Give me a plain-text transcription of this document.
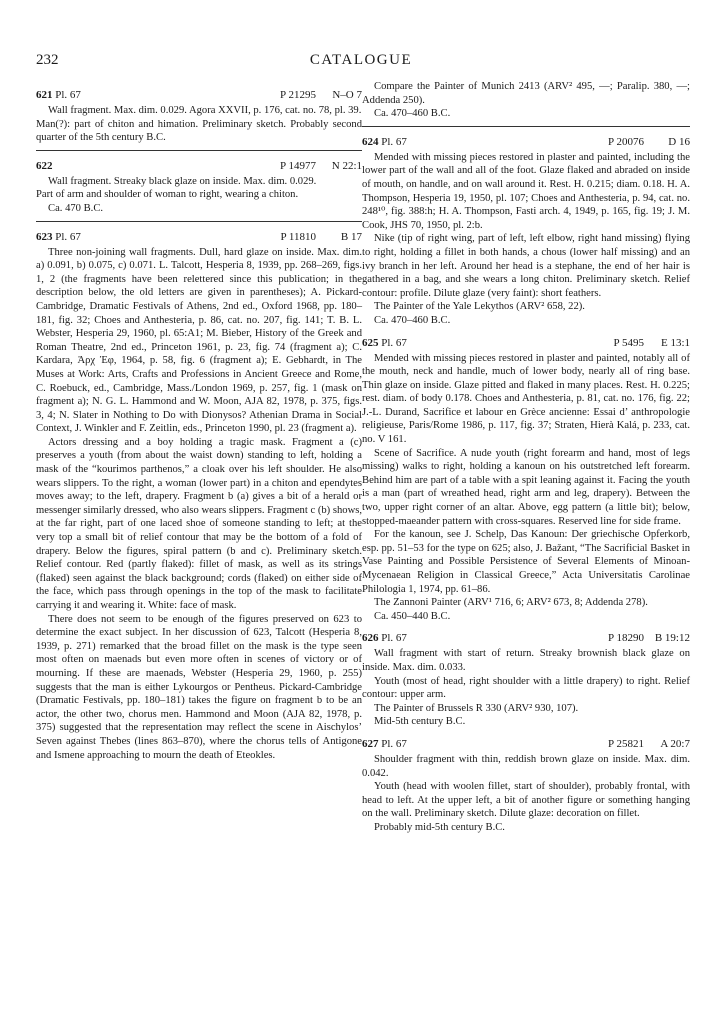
232	CATALOGUE
621 Pl. 67	P 21295 N–O 7

Wall fragment. Max. dim. 0.029. Agora XXVII, p. 176, cat. no. 78, pl. 39.

Man(?): part of chiton and himation. Preliminary sketch. Probably second quarter of the 5th century B.C.

622	P 14977 N 22:1

Wall fragment. Streaky black glaze on inside. Max. dim. 0.029.

Part of arm and shoulder of woman to right, wearing a chiton.

Ca. 470 B.C.

623 Pl. 67	P 11810 B 17

Three non-joining wall fragments. Dull, hard glaze on inside. Max. dim. a) 0.091, b) 0.075, c) 0.071. L. Talcott, Hesperia 8, 1939, pp. 268–269, figs. 1, 2 (the fragments have been relettered since this publication; in the description below, the old letters are given in parentheses); A. Pickard-Cambridge, Dramatic Festivals of Athens, 2nd ed., Oxford 1968, pp. 180–181, fig. 32; Choes and Anthesteria, p. 86, cat. no. 207, fig. 141; T. B. L. Webster, Hesperia 29, 1960, pl. 65:A1; M. Bieber, History of the Greek and Roman Theatre, 2nd ed., Princeton 1961, p. 23, fig. 74 (fragment a); C. Kardara, Ἀρχ Ἐφ, 1964, p. 58, fig. 6 (fragment a); E. Gebhardt, in The Muses at Work: Arts, Crafts and Professions in Ancient Greece and Rome, C. Roebuck, ed., Cambridge, Mass./London 1969, p. 257, fig. 1 (mask on fragment a); N. G. L. Hammond and W. Moon, AJA 82, 1978, p. 375, figs. 3, 4; N. Slater in Nothing to Do with Dionysos? Athenian Drama in Social Context, J. Winkler and F. Zeitlin, eds., Princeton 1990, pl. 23 (fragment a).

Actors dressing and a boy holding a tragic mask. Fragment a (c) preserves a youth (from about the waist down) standing to left, holding a mask of the “kourimos parthenos,” a cloak over his left shoulder. He also wears slippers. To the right, a woman (lower part) in a chiton and ependytes moves away; to the left, drapery. Fragment b (a) gives a bit of a herald or messenger similarly dressed, who also wears slippers. Fragment c (b) shows, at the far right, part of one laced shoe of someone standing to left; at the very top a small bit of relief contour that may be the bottom of a fold of drapery. Below the figures, spiral pattern (b and c). Preliminary sketch. Relief contour. Red (partly flaked): fillet of mask, as well as its strings (flaked) seen against the black background; cords (flaked) on either side of the face, which pass through openings in the top of the mask to facilitate carrying it and wearing it. White: face of mask.

There does not seem to be enough of the figures preserved on 623 to determine the exact subject. In her discussion of 623, Talcott (Hesperia 8, 1939, p. 271) remarked that the broad fillet on the mask is the type seen most often on maenads but even more often in scenes of victory or of mourning. If these are maenads, Webster (Hesperia 29, 1960, p. 255) suggests that the man is either Lykourgos or Pentheus. Pickard-Cambridge (Dramatic Festivals, pp. 180–181) takes the figure on fragment b to be an actor, the other two, chorus men. Hammond and Moon (AJA 82, 1978, p. 375) suggested that the representation may reflect the scene in Aischylos’ Seven against Thebes (lines 863–870), where the chorus tells of Antigone and Ismene approaching to mourn the death of Eteokles.

Compare the Painter of Munich 2413 (ARV² 495, —; Paralip. 380, —; Addenda 250).

Ca. 470–460 B.C.

624 Pl. 67	P 20076 D 16

Mended with missing pieces restored in plaster and painted, including the lower part of the wall and all of the foot. Glaze flaked and abraded on inside of mouth, on handle, and on wall around it. Rest. H. 0.215; diam. 0.18. H. A. Thompson, Hesperia 19, 1950, pl. 107; Choes and Anthesteria, p. 94, cat. no. 248¹⁰, fig. 388:h; H. A. Thompson, Fasti arch. 4, 1949, p. 165, fig. 19; J. M. Cook, JHS 70, 1950, pl. 2:b.

Nike (tip of right wing, part of left, left elbow, right hand missing) flying to right, holding a fillet in both hands, a chous (lower half missing) and an ivy branch in her left. Around her head is a stephane, the end of her hair is gathered in a bag, and she wears a long chiton. Preliminary sketch. Relief contour: profile. Dilute glaze (very faint): short feathers.

The Painter of the Yale Lekythos (ARV² 658, 22).

Ca. 470–460 B.C.

625 Pl. 67	P 5495 E 13:1

Mended with missing pieces restored in plaster and painted, notably all of the mouth, neck and handle, much of lower body, nearly all of ring base. Thin glaze on inside. Glaze pitted and flaked in many places. Rest. H. 0.225; rest. diam. of body 0.178. Choes and Anthesteria, p. 81, cat. no. 176, fig. 22; J.-L. Durand, Sacrifice et labour en Grèce ancienne: Essai d’ anthropologie religieuse, Paris/Rome 1986, p. 117, fig. 37; Straten, Hierà Kalá, p. 233, cat. no. V 161.

Scene of Sacrifice. A nude youth (right forearm and hand, most of legs missing) walks to right, holding a kanoun on his outstretched left forearm. Behind him are part of a table with a spit leaning against it. Facing the youth is a man (part of wreathed head, right arm and leg, drapery). Between the two, upper right corner of an altar. Above, egg pattern (a little bit); below, stopped-maeander pattern with cross-squares. Reserved line for side frame.

For the kanoun, see J. Schelp, Das Kanoun: Der griechische Opferkorb, esp. pp. 51–53 for the type on 625; also, J. Bažant, “The Sacrificial Basket in Vase Painting and Possible Persistence of Several Elements of Minoan-Mycenaean Religion in Classical Greece,” Acta Universitatis Carolinae Philologia 1, 1974, pp. 61–86.

The Zannoni Painter (ARV¹ 716, 6; ARV² 673, 8; Addenda 278).

Ca. 450–440 B.C.

626 Pl. 67	P 18290 B 19:12

Wall fragment with start of return. Streaky brownish black glaze on inside. Max. dim. 0.033.

Youth (most of head, right shoulder with a little drapery) to right. Relief contour: upper arm.

The Painter of Brussels R 330 (ARV² 930, 107).

Mid-5th century B.C.

627 Pl. 67	P 25821 A 20:7

Shoulder fragment with thin, reddish brown glaze on inside. Max. dim. 0.042.

Youth (head with woolen fillet, start of shoulder), probably frontal, with head to left. At the upper left, a bit of another figure or something hanging on the wall. Preliminary sketch. Dilute glaze: decoration on fillet.

Probably mid-5th century B.C.
